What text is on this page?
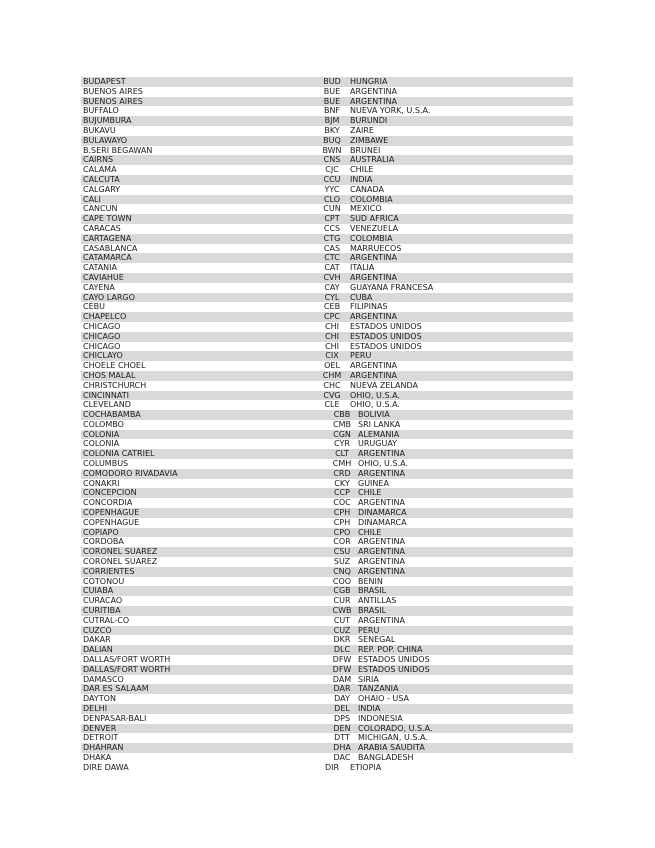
BUDAPEST	BUD	HUNGRIA
BUENOS AIRES	BUE	ARGENTINA
BUENOS AIRES	BUE	ARGENTINA
BUFFALO	BNF	NUEVA YORK, U.S.A.
BUJUMBURA	BJM	BURUNDI
BUKAVU	BKY	ZAIRE
BULAWAYO	BUQ	ZIMBAWE
B.SERI BEGAWAN	BWN	BRUNEI
CAIRNS	CNS	AUSTRALIA
CALAMA	CJC	CHILE
CALCUTA	CCU	INDIA
CALGARY	YYC	CANADA
CALI	CLO	COLOMBIA
CANCUN	CUN	MEXICO
CAPE TOWN	CPT	SUD AFRICA
CARACAS	CCS	VENEZUELA
CARTAGENA	CTG	COLOMBIA
CASABLANCA	CAS	MARRUECOS
CATAMARCA	CTC	ARGENTINA
CATANIA	CAT	ITALIA
CAVIAHUE	CVH	ARGENTINA
CAYENA	CAY	GUAYANA FRANCESA
CAYO LARGO	CYL	CUBA
CEBU	CEB	FILIPINAS
CHAPELCO	CPC	ARGENTINA
CHICAGO	CHI	ESTADOS UNIDOS
CHICAGO	CHI	ESTADOS UNIDOS
CHICAGO	CHI	ESTADOS UNIDOS
CHICLAYO	CIX	PERU
CHOELE CHOEL	OEL	ARGENTINA
CHOS MALAL	CHM	ARGENTINA
CHRISTCHURCH	CHC	NUEVA ZELANDA
CINCINNATI	CVG	OHIO, U.S.A.
CLEVELAND	CLE	OHIO, U.S.A.
COCHABAMBA	CBB BOLIVIA
COLOMBO	CMB SRI LANKA
COLONIA	CGN ALEMANIA
COLONIA	CYR	URUGUAY
COLONIA CATRIEL	CLT	ARGENTINA
COLUMBUS	CMH OHIO, U.S.A.
COMODORO RIVADAVIA	CRD ARGENTINA
CONAKRI	CKY	GUINEA
CONCEPCION	CCP	CHILE
CONCORDIA	COC ARGENTINA
COPENHAGUE	CPH DINAMARCA
COPENHAGUE	CPH DINAMARCA
COPIAPO	CPO CHILE
CORDOBA	COR ARGENTINA
CORONEL SUAREZ	CSU ARGENTINA
CORONEL SUAREZ	SUZ ARGENTINA
CORRIENTES	CNQ ARGENTINA
COTONOU	COO BENIN
CUIABA	CGB BRASIL
CURACAO	CUR ANTILLAS
CURITIBA	CWB BRASIL
CUTRAL-CO	CUT ARGENTINA
CUZCO	CUZ PERU
DAKAR	DKR SENEGAL
DALIAN	DLC REP. POP. CHINA
DALLAS/FORT WORTH	DFW ESTADOS UNIDOS
DALLAS/FORT WORTH	DFW ESTADOS UNIDOS
DAMASCO	DAM SIRIA
DAR ES SALAAM	DAR TANZANIA
DAYTON	DAY	OHAIO - USA
DELHI	DEL	INDIA
DENPASAR-BALI	DPS INDONESIA
DENVER	DEN COLORADO, U.S.A.
DETROIT	DTT	MICHIGAN, U.S.A.
DHAHRAN	DHA ARABIA SAUDITA
DHAKA	DAC BANGLADESH
DIRE DAWA	DIR	ETIOPIA
